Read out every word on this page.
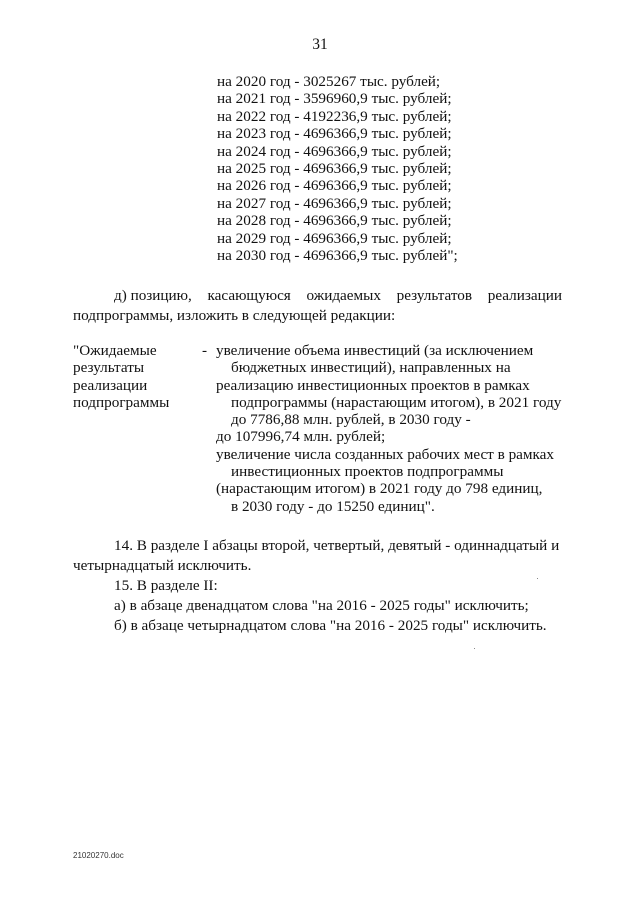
31
на 2020 год - 3025267 тыс. рублей;
на 2021 год - 3596960,9 тыс. рублей;
на 2022 год - 4192236,9 тыс. рублей;
на 2023 год - 4696366,9 тыс. рублей;
на 2024 год - 4696366,9 тыс. рублей;
на 2025 год - 4696366,9 тыс. рублей;
на 2026 год - 4696366,9 тыс. рублей;
на 2027 год - 4696366,9 тыс. рублей;
на 2028 год - 4696366,9 тыс. рублей;
на 2029 год - 4696366,9 тыс. рублей;
на 2030 год - 4696366,9 тыс. рублей";
д) позицию, касающуюся ожидаемых результатов реализации
подпрограммы, изложить в следующей редакции:
"Ожидаемые
результаты
реализации
подпрограммы
- увеличение объема инвестиций (за исключением
бюджетных инвестиций), направленных на
реализацию инвестиционных проектов в рамках
подпрограммы (нарастающим итогом), в 2021 году
до 7786,88 млн. рублей, в 2030 году -
до 107996,74 млн. рублей;
увеличение числа созданных рабочих мест в рамках
инвестиционных проектов подпрограммы
(нарастающим итогом) в 2021 году до 798 единиц,
в 2030 году - до 15250 единиц".
14. В разделе I абзацы второй, четвертый, девятый - одиннадцатый и
четырнадцатый исключить.
15. В разделе II:
а) в абзаце двенадцатом слова "на 2016 - 2025 годы" исключить;
б) в абзаце четырнадцатом слова "на 2016 - 2025 годы" исключить.
21020270.doc
